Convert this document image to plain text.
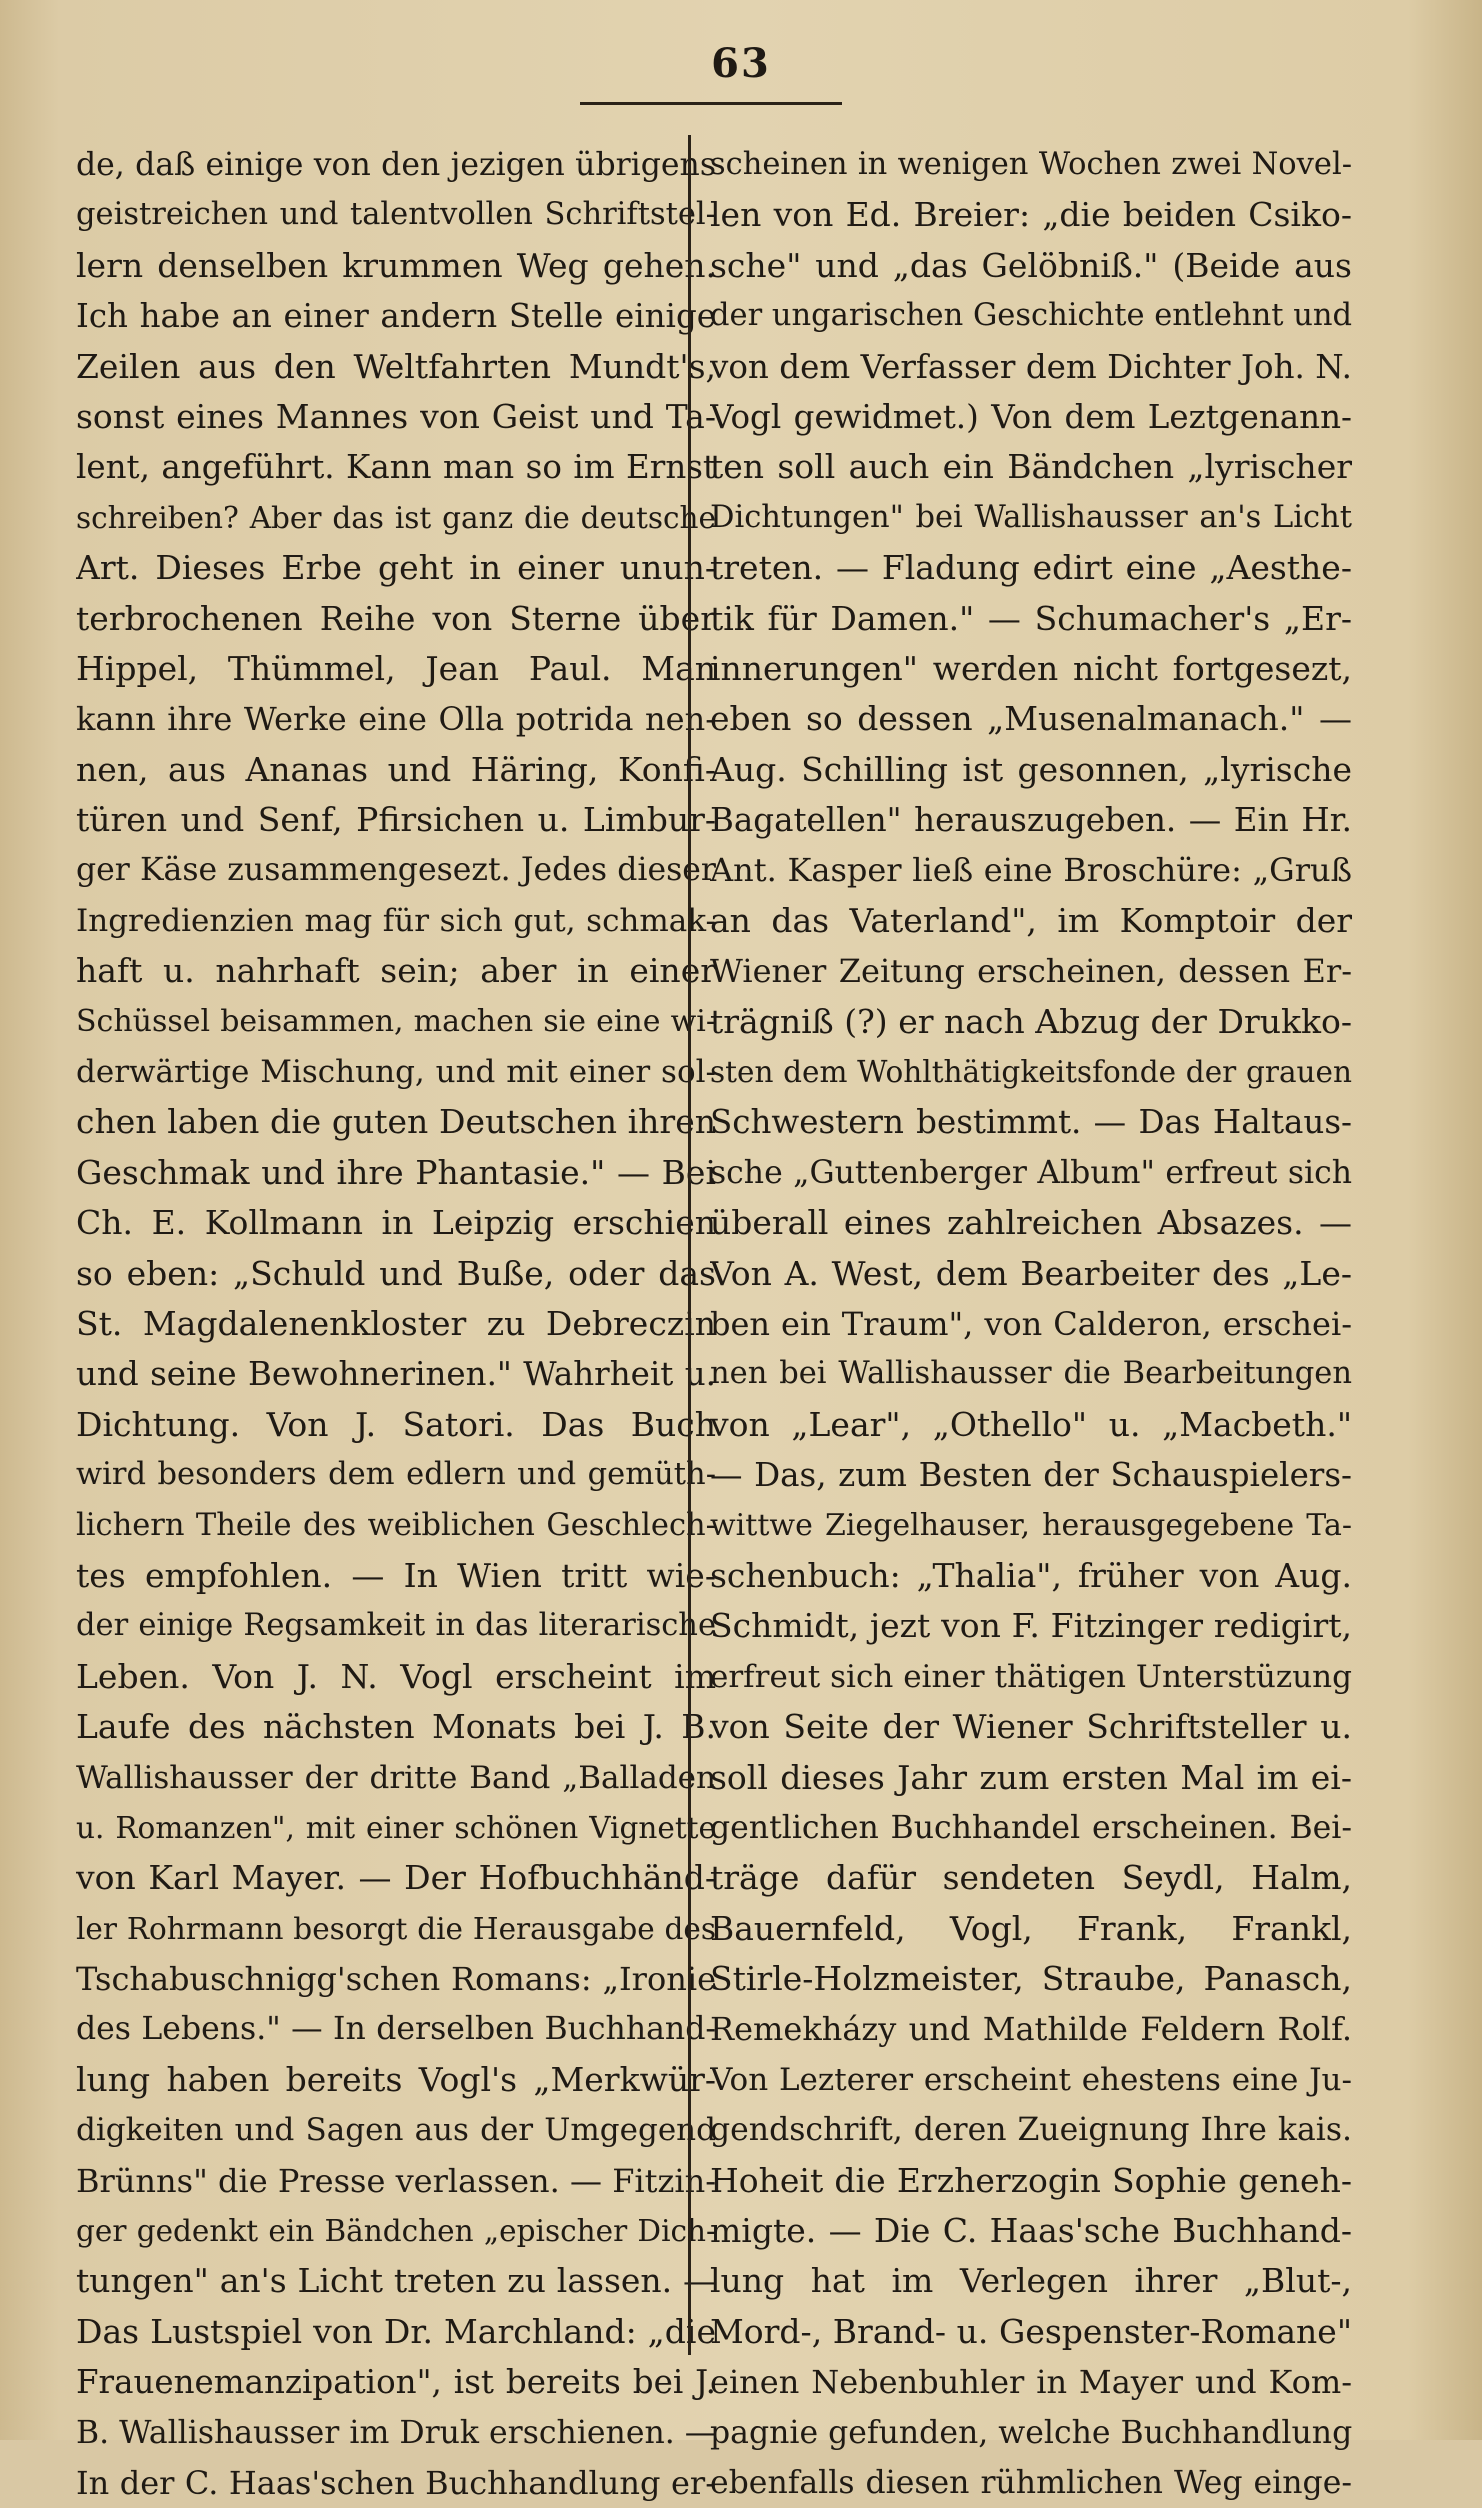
63
de, daß einige von den jezigen übrigens
geistreichen und talentvollen Schriftstel-
lern denselben krummen Weg gehen.
Ich habe an einer andern Stelle einige
Zeilen aus den Weltfahrten Mundt's,
sonst eines Mannes von Geist und Ta-
lent, angeführt. Kann man so im Ernst
schreiben? Aber das ist ganz die deutsche
Art. Dieses Erbe geht in einer unun-
terbrochenen Reihe von Sterne über
Hippel, Thümmel, Jean Paul. Man
kann ihre Werke eine Olla potrida nen-
nen, aus Ananas und Häring, Konfi-
türen und Senf, Pfirsichen u. Limbur-
ger Käse zusammengesezt. Jedes dieser
Ingredienzien mag für sich gut, schmak-
haft u. nahrhaft sein; aber in einer
Schüssel beisammen, machen sie eine wi-
derwärtige Mischung, und mit einer sol-
chen laben die guten Deutschen ihren
Geschmak und ihre Phantasie." — Bei
Ch. E. Kollmann in Leipzig erschien
so eben: „Schuld und Buße, oder das
St. Magdalenenkloster zu Debreczin
und seine Bewohnerinen." Wahrheit u.
Dichtung. Von J. Satori. Das Buch
wird besonders dem edlern und gemüth-
lichern Theile des weiblichen Geschlech-
tes empfohlen. — In Wien tritt wie-
der einige Regsamkeit in das literarische
Leben. Von J. N. Vogl erscheint im
Laufe des nächsten Monats bei J. B.
Wallishausser der dritte Band „Balladen
u. Romanzen", mit einer schönen Vignette
von Karl Mayer. — Der Hofbuchhänd-
ler Rohrmann besorgt die Herausgabe des
Tschabuschnigg'schen Romans: „Ironie
des Lebens." — In derselben Buchhand-
lung haben bereits Vogl's „Merkwür-
digkeiten und Sagen aus der Umgegend
Brünns" die Presse verlassen. — Fitzin-
ger gedenkt ein Bändchen „epischer Dich-
tungen" an's Licht treten zu lassen. —
Das Lustspiel von Dr. Marchland: „die
Frauenemanzipation", ist bereits bei J.
B. Wallishausser im Druk erschienen. —
In der C. Haas'schen Buchhandlung er-
scheinen in wenigen Wochen zwei Novel-
len von Ed. Breier: „die beiden Csiko-
sche" und „das Gelöbniß." (Beide aus
der ungarischen Geschichte entlehnt und
von dem Verfasser dem Dichter Joh. N.
Vogl gewidmet.) Von dem Leztgenann-
ten soll auch ein Bändchen „lyrischer
Dichtungen" bei Wallishausser an's Licht
treten. — Fladung edirt eine „Aesthe-
tik für Damen." — Schumacher's „Er-
innerungen" werden nicht fortgesezt,
eben so dessen „Musenalmanach." —
Aug. Schilling ist gesonnen, „lyrische
Bagatellen" herauszugeben. — Ein Hr.
Ant. Kasper ließ eine Broschüre: „Gruß
an das Vaterland", im Komptoir der
Wiener Zeitung erscheinen, dessen Er-
trägniß (?) er nach Abzug der Drukko-
sten dem Wohlthätigkeitsfonde der grauen
Schwestern bestimmt. — Das Haltaus-
sche „Guttenberger Album" erfreut sich
überall eines zahlreichen Absazes. —
Von A. West, dem Bearbeiter des „Le-
ben ein Traum", von Calderon, erschei-
nen bei Wallishausser die Bearbeitungen
von „Lear", „Othello" u. „Macbeth."
— Das, zum Besten der Schauspielers-
wittwe Ziegelhauser, herausgegebene Ta-
schenbuch: „Thalia", früher von Aug.
Schmidt, jezt von F. Fitzinger redigirt,
erfreut sich einer thätigen Unterstüzung
von Seite der Wiener Schriftsteller u.
soll dieses Jahr zum ersten Mal im ei-
gentlichen Buchhandel erscheinen. Bei-
träge dafür sendeten Seydl, Halm,
Bauernfeld, Vogl, Frank, Frankl,
Stirle-Holzmeister, Straube, Panasch,
Remekházy und Mathilde Feldern Rolf.
Von Lezterer erscheint ehestens eine Ju-
gendschrift, deren Zueignung Ihre kais.
Hoheit die Erzherzogin Sophie geneh-
migte. — Die C. Haas'sche Buchhand-
lung hat im Verlegen ihrer „Blut-,
Mord-, Brand- u. Gespenster-Romane"
einen Nebenbuhler in Mayer und Kom-
pagnie gefunden, welche Buchhandlung
ebenfalls diesen rühmlichen Weg einge-
